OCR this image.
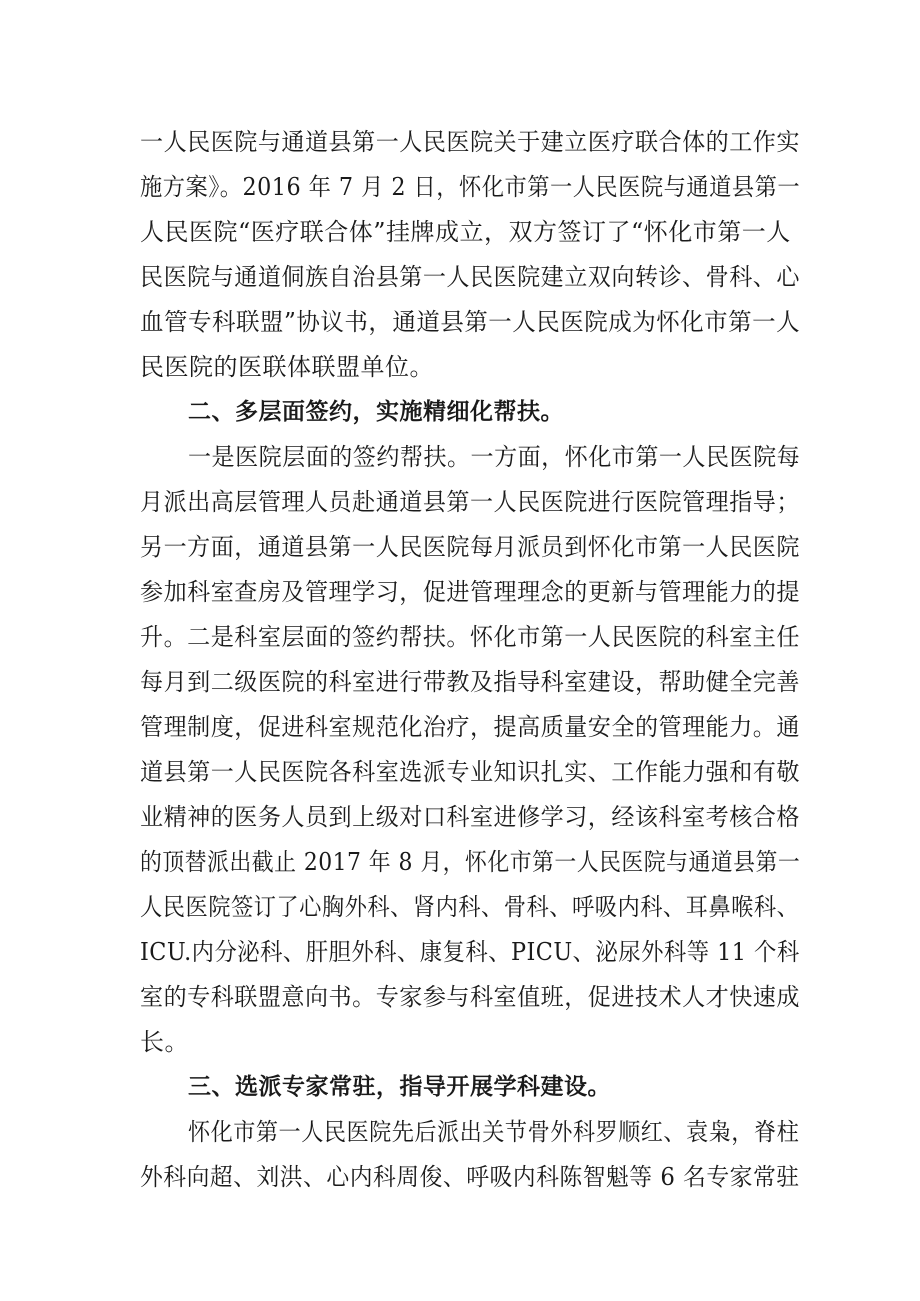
一人民医院与通道县第一人民医院关于建立医疗联合体的工作实
施方案》。2016 年 7 月 2 日，怀化市第一人民医院与通道县第一
人民医院“医疗联合体”挂牌成立，双方签订了“怀化市第一人
民医院与通道侗族自治县第一人民医院建立双向转诊、骨科、心
血管专科联盟”协议书，通道县第一人民医院成为怀化市第一人
民医院的医联体联盟单位。
二、多层面签约，实施精细化帮扶。
一是医院层面的签约帮扶。一方面，怀化市第一人民医院每
月派出高层管理人员赴通道县第一人民医院进行医院管理指导；
另一方面，通道县第一人民医院每月派员到怀化市第一人民医院
参加科室查房及管理学习，促进管理理念的更新与管理能力的提
升。二是科室层面的签约帮扶。怀化市第一人民医院的科室主任
每月到二级医院的科室进行带教及指导科室建设，帮助健全完善
管理制度，促进科室规范化治疗，提高质量安全的管理能力。通
道县第一人民医院各科室选派专业知识扎实、工作能力强和有敬
业精神的医务人员到上级对口科室进修学习，经该科室考核合格
的顶替派出截止 2017 年 8 月，怀化市第一人民医院与通道县第一
人民医院签订了心胸外科、肾内科、骨科、呼吸内科、耳鼻喉科、
ICU.内分泌科、肝胆外科、康复科、PICU、泌尿外科等 11 个科
室的专科联盟意向书。专家参与科室值班，促进技术人才快速成
长。
三、选派专家常驻，指导开展学科建设。
怀化市第一人民医院先后派出关节骨外科罗顺红、袁枭，脊柱
外科向超、刘洪、心内科周俊、呼吸内科陈智魁等 6 名专家常驻
